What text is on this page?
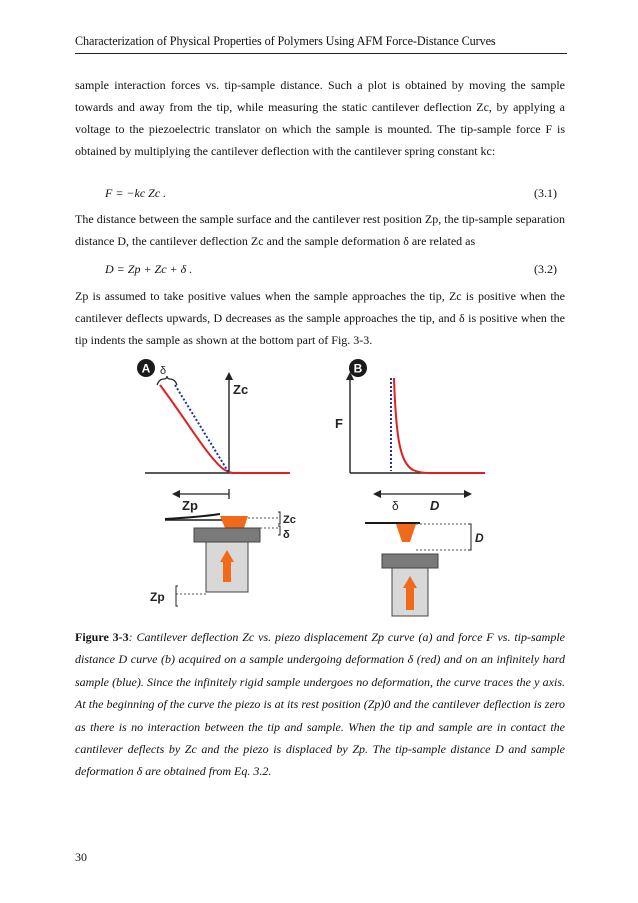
Characterization of Physical Properties of Polymers Using AFM Force-Distance Curves
sample interaction forces vs. tip-sample distance. Such a plot is obtained by moving the sample towards and away from the tip, while measuring the static cantilever deflection Zc, by applying a voltage to the piezoelectric translator on which the sample is mounted. The tip-sample force F is obtained by multiplying the cantilever deflection with the cantilever spring constant kc:
F = −kc Zc .	(3.1)
The distance between the sample surface and the cantilever rest position Zp, the tip-sample separation distance D, the cantilever deflection Zc and the sample deformation δ are related as
D = Zp + Zc + δ .	(3.2)
Zp is assumed to take positive values when the sample approaches the tip, Zc is positive when the cantilever deflects upwards, D decreases as the sample approaches the tip, and δ is positive when the tip indents the sample as shown at the bottom part of Fig. 3-3.
A δ
Zc
Zp
Zc
δ
Zp
B
F
δ D
D
Figure 3-3: Cantilever deflection Zc vs. piezo displacement Zp curve (a) and force F vs. tip-sample distance D curve (b) acquired on a sample undergoing deformation δ (red) and on an infinitely hard sample (blue). Since the infinitely rigid sample undergoes no deformation, the curve traces the y axis. At the beginning of the curve the piezo is at its rest position (Zp)0 and the cantilever deflection is zero as there is no interaction between the tip and sample. When the tip and sample are in contact the cantilever deflects by Zc and the piezo is displaced by Zp. The tip-sample distance D and sample deformation δ are obtained from Eq. 3.2.
30
